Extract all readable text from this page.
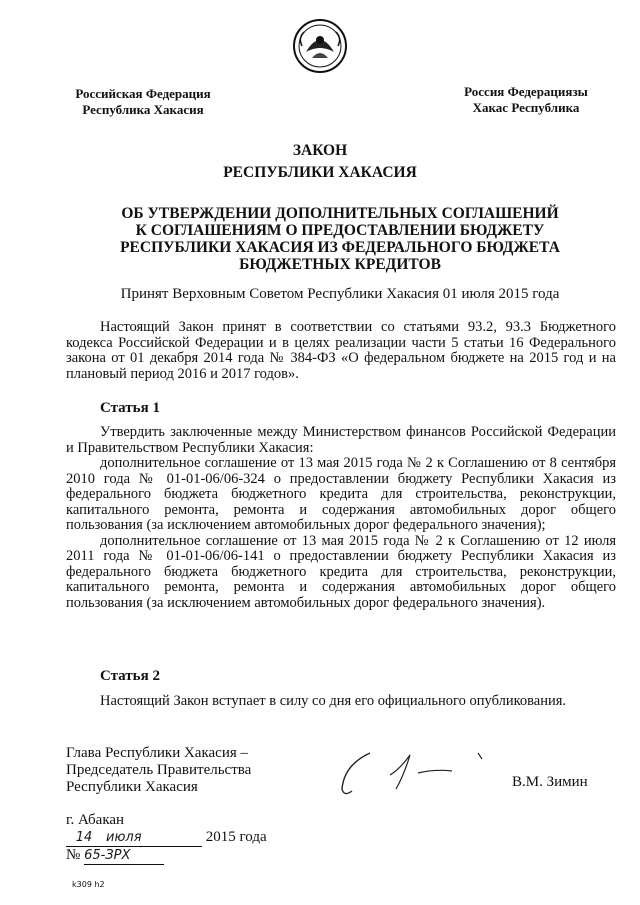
Российская Федерация
Республика Хакасия
Россия Федерациязы
Хакас Республика
ЗАКОН
РЕСПУБЛИКИ ХАКАСИЯ
ОБ УТВЕРЖДЕНИИ ДОПОЛНИТЕЛЬНЫХ СОГЛАШЕНИЙ
К СОГЛАШЕНИЯМ О ПРЕДОСТАВЛЕНИИ БЮДЖЕТУ
РЕСПУБЛИКИ ХАКАСИЯ ИЗ ФЕДЕРАЛЬНОГО БЮДЖЕТА
БЮДЖЕТНЫХ КРЕДИТОВ
Принят Верховным Советом Республики Хакасия 01 июля 2015 года
Настоящий Закон принят в соответствии со статьями 93.2, 93.3 Бюджетного кодекса Российской Федерации и в целях реализации части 5 статьи 16 Федерального закона от 01 декабря 2014 года № 384-ФЗ «О федеральном бюджете на 2015 год и на плановый период 2016 и 2017 годов».
Статья 1

Утвердить заключенные между Министерством финансов Российской Федерации и Правительством Республики Хакасия:

дополнительное соглашение от 13 мая 2015 года № 2 к Соглашению от 8 сентября 2010 года № 01-01-06/06-324 о предоставлении бюджету Республики Хакасия из федерального бюджета бюджетного кредита для строительства, реконструкции, капитального ремонта, ремонта и содержания автомобильных дорог общего пользования (за исключением автомобильных дорог федерального значения);

дополнительное соглашение от 13 мая 2015 года № 2 к Соглашению от 12 июля 2011 года № 01-01-06/06-141 о предоставлении бюджету Республики Хакасия из федерального бюджета бюджетного кредита для строительства, реконструкции, капитального ремонта, ремонта и содержания автомобильных дорог общего пользования (за исключением автомобильных дорог федерального значения).

Статья 2
Настоящий Закон вступает в силу со дня его официального опубликования.
Глава Республики Хакасия –
Председатель Правительства
Республики Хакасия	В.М. Зимин
г. Абакан
14 июля	2015 года
№ 65-ЗРХ
k309 h2
